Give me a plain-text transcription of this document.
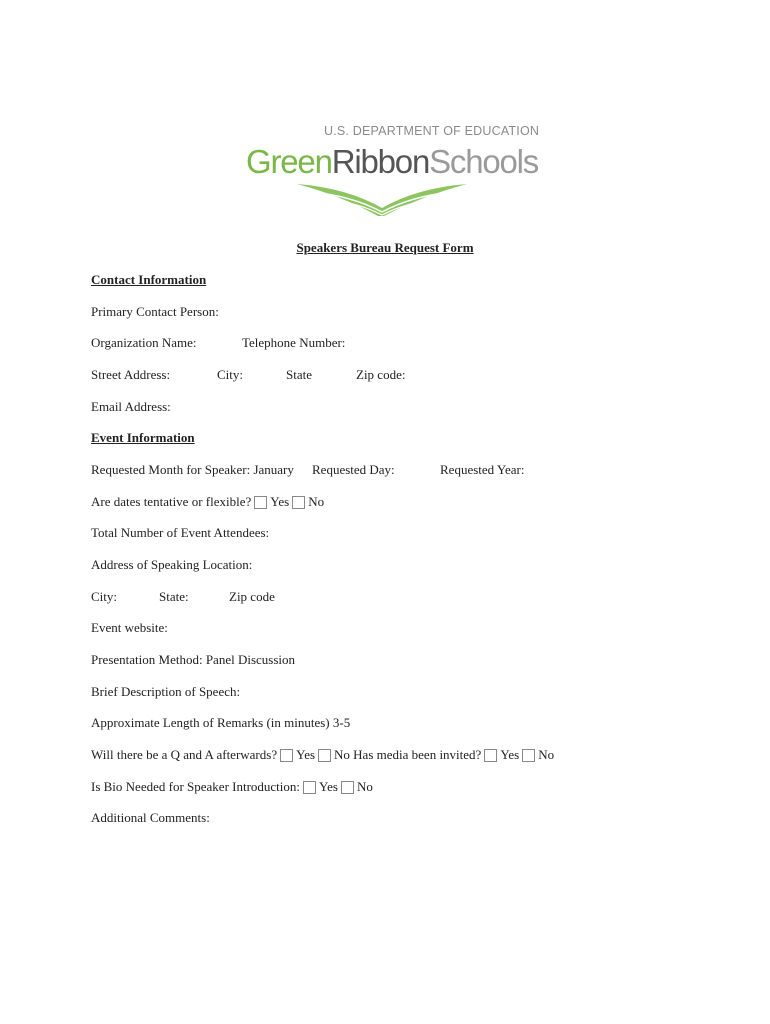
U.S. DEPARTMENT OF EDUCATION
GreenRibbonSchools
Speakers Bureau Request Form
Contact Information
Primary Contact Person:
Organization Name:	Telephone Number:
Street Address:	City:	State	Zip code:
Email Address:
Event Information
Requested Month for Speaker: January Requested Day:	Requested Year:
Are dates tentative or flexible? Yes No
Total Number of Event Attendees:
Address of Speaking Location:
City:	State:	Zip code
Event website:
Presentation Method: Panel Discussion
Brief Description of Speech:
Approximate Length of Remarks (in minutes) 3-5
Will there be a Q and A afterwards? Yes No Has media been invited? Yes No
Is Bio Needed for Speaker Introduction: Yes No
Additional Comments:
